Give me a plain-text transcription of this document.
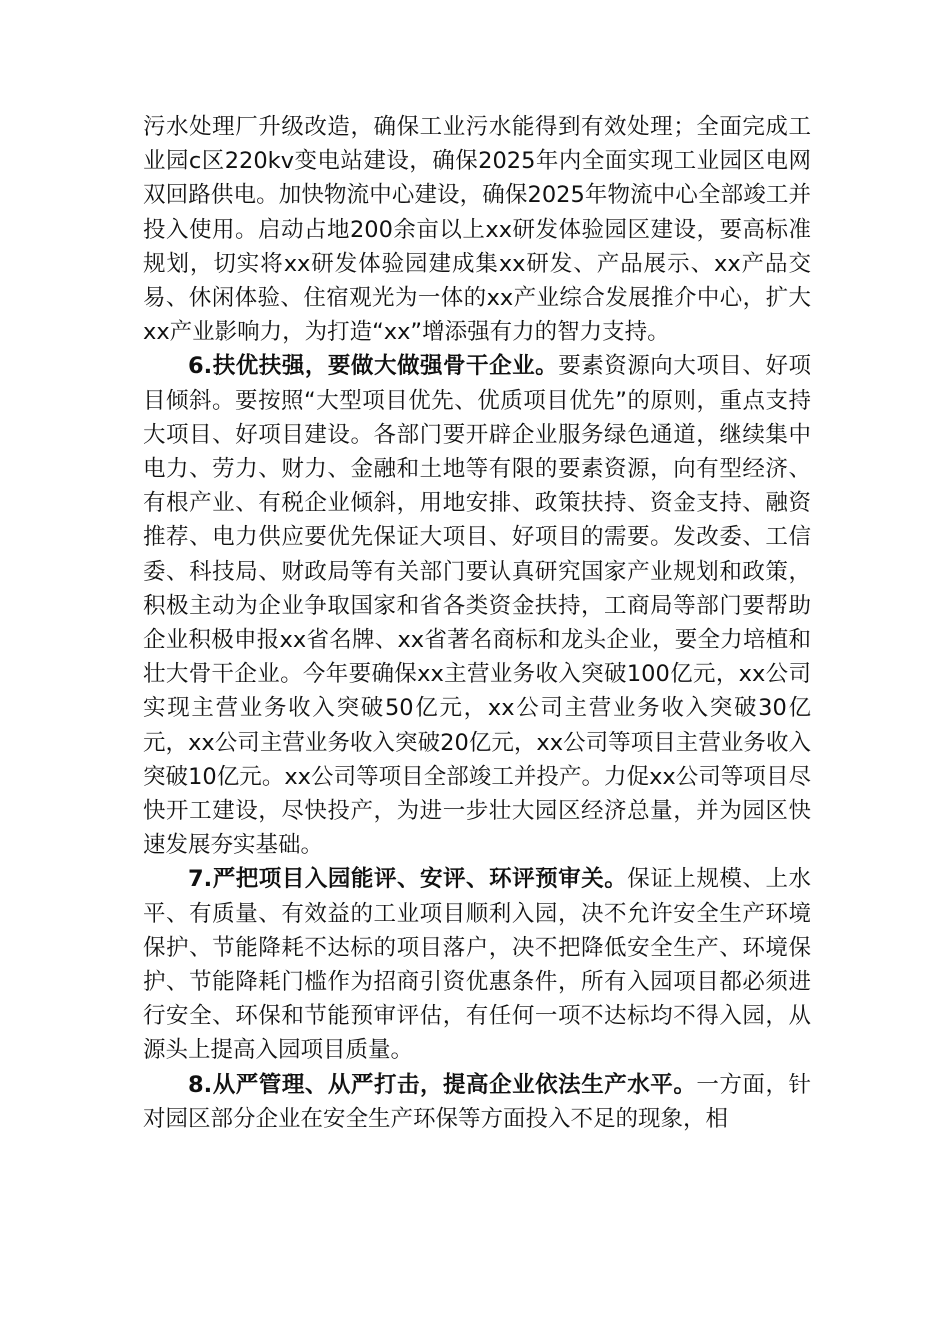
污水处理厂升级改造，确保工业污水能得到有效处理；全面完成工业园c区220kv变电站建设，确保2025年内全面实现工业园区电网双回路供电。加快物流中心建设，确保2025年物流中心全部竣工并投入使用。启动占地200余亩以上xx研发体验园区建设，要高标准规划，切实将xx研发体验园建成集xx研发、产品展示、xx产品交易、休闲体验、住宿观光为一体的xx产业综合发展推介中心，扩大xx产业影响力，为打造“xx”增添强有力的智力支持。

6.扶优扶强，要做大做强骨干企业。要素资源向大项目、好项目倾斜。要按照“大型项目优先、优质项目优先”的原则，重点支持大项目、好项目建设。各部门要开辟企业服务绿色通道，继续集中电力、劳力、财力、金融和土地等有限的要素资源，向有型经济、有根产业、有税企业倾斜，用地安排、政策扶持、资金支持、融资推荐、电力供应要优先保证大项目、好项目的需要。发改委、工信委、科技局、财政局等有关部门要认真研究国家产业规划和政策，积极主动为企业争取国家和省各类资金扶持，工商局等部门要帮助企业积极申报xx省名牌、xx省著名商标和龙头企业，要全力培植和壮大骨干企业。今年要确保xx主营业务收入突破100亿元，xx公司实现主营业务收入突破50亿元，xx公司主营业务收入突破30亿元，xx公司主营业务收入突破20亿元，xx公司等项目主营业务收入突破10亿元。xx公司等项目全部竣工并投产。力促xx公司等项目尽快开工建设，尽快投产，为进一步壮大园区经济总量，并为园区快速发展夯实基础。

7.严把项目入园能评、安评、环评预审关。保证上规模、上水平、有质量、有效益的工业项目顺利入园，决不允许安全生产环境保护、节能降耗不达标的项目落户，决不把降低安全生产、环境保护、节能降耗门槛作为招商引资优惠条件，所有入园项目都必须进行安全、环保和节能预审评估，有任何一项不达标均不得入园，从源头上提高入园项目质量。

8.从严管理、从严打击，提高企业依法生产水平。一方面，针对园区部分企业在安全生产环保等方面投入不足的现象，相
